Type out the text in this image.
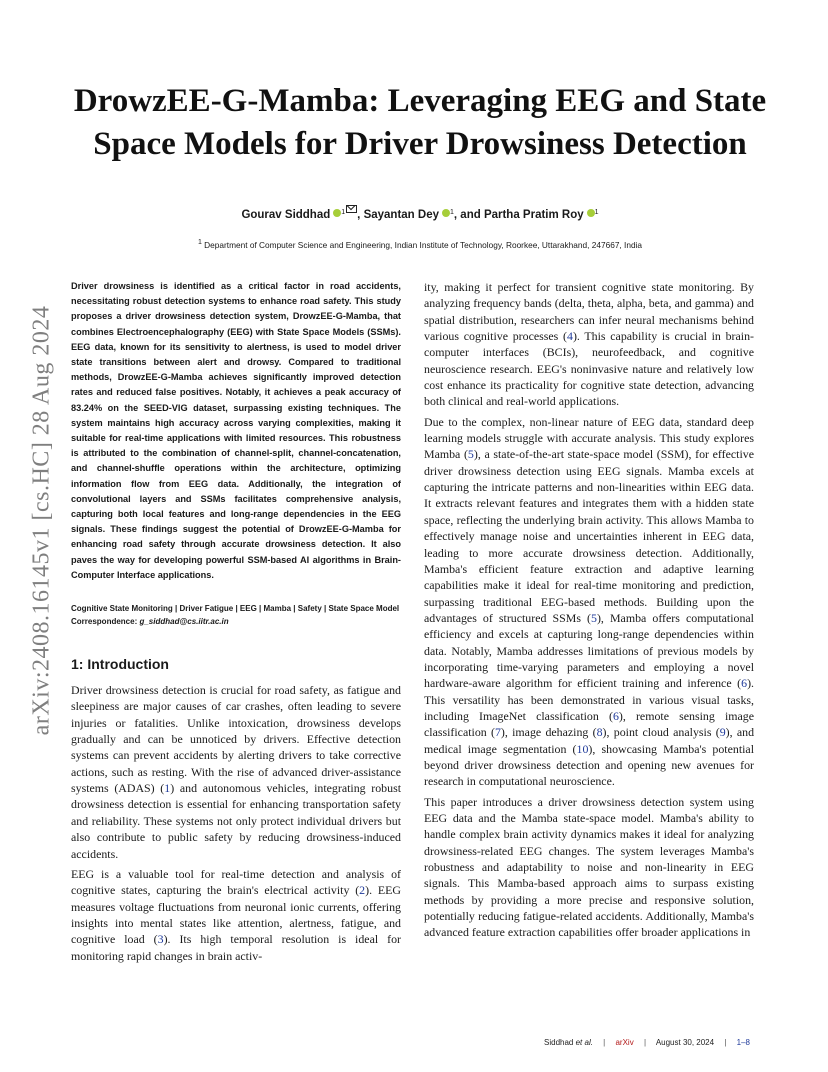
arXiv:2408.16145v1 [cs.HC] 28 Aug 2024
DrowzEE-G-Mamba: Leveraging EEG and State Space Models for Driver Drowsiness Detection
Gourav Siddhad $^1$ , Sayantan Dey $^1$, and Partha Pratim Roy $^1$
$^1$ Department of Computer Science and Engineering, Indian Institute of Technology, Roorkee, Uttarakhand, 247667, India

Driver drowsiness is identified as a critical factor in road accidents, necessitating robust detection systems to enhance road safety. This study proposes a driver drowsiness detection system, DrowzEE-G-Mamba, that combines Electroencephalography (EEG) with State Space Models (SSMs). EEG data, known for its sensitivity to alertness, is used to model driver state transitions between alert and drowsy. Compared to traditional methods, DrowzEE-G-Mamba achieves significantly improved detection rates and reduced false positives. Notably, it achieves a peak accuracy of 83.24% on the SEED-VIG dataset, surpassing existing techniques. The system maintains high accuracy across varying complexities, making it suitable for real-time applications with limited resources. This robustness is attributed to the combination of channel-split, channel-concatenation, and channel-shuffle operations within the architecture, optimizing information flow from EEG data. Additionally, the integration of convolutional layers and SSMs facilitates comprehensive analysis, capturing both local features and long-range dependencies in the EEG signals. These findings suggest the potential of DrowzEE-G-Mamba for enhancing road safety through accurate drowsiness detection. It also paves the way for developing powerful SSM-based AI algorithms in Brain-Computer Interface applications.

Cognitive State Monitoring | Driver Fatigue | EEG | Mamba | Safety | State Space Model

Correspondence: g_siddhad@cs.iitr.ac.in

1: Introduction

Driver drowsiness detection is crucial for road safety, as fatigue and sleepiness are major causes of car crashes, often leading to severe injuries or fatalities. Unlike intoxication, drowsiness develops gradually and can be unnoticed by drivers. Effective detection systems can prevent accidents by alerting drivers to take corrective actions, such as resting. With the rise of advanced driver-assistance systems (ADAS) (1) and autonomous vehicles, integrating robust drowsiness detection is essential for enhancing transportation safety and reliability. These systems not only protect individual drivers but also contribute to public safety by reducing drowsiness-induced accidents.

EEG is a valuable tool for real-time detection and analysis of cognitive states, capturing the brain's electrical activity (2). EEG measures voltage fluctuations from neuronal ionic currents, offering insights into mental states like attention, alertness, fatigue, and cognitive load (3). Its high temporal resolution is ideal for monitoring rapid changes in brain activ-

ity, making it perfect for transient cognitive state monitoring. By analyzing frequency bands (delta, theta, alpha, beta, and gamma) and spatial distribution, researchers can infer neural mechanisms behind various cognitive processes (4). This capability is crucial in brain-computer interfaces (BCIs), neurofeedback, and cognitive neuroscience research. EEG's noninvasive nature and relatively low cost enhance its practicality for cognitive state detection, advancing both clinical and real-world applications.

Due to the complex, non-linear nature of EEG data, standard deep learning models struggle with accurate analysis. This study explores Mamba (5), a state-of-the-art state-space model (SSM), for effective driver drowsiness detection using EEG signals. Mamba excels at capturing the intricate patterns and non-linearities within EEG data. It extracts relevant features and integrates them with a hidden state space, reflecting the underlying brain activity. This allows Mamba to effectively manage noise and uncertainties inherent in EEG data, leading to more accurate drowsiness detection. Additionally, Mamba's efficient feature extraction and adaptive learning capabilities make it ideal for real-time monitoring and prediction, surpassing traditional EEG-based methods. Building upon the advantages of structured SSMs (5), Mamba offers computational efficiency and excels at capturing long-range dependencies within data. Notably, Mamba addresses limitations of previous models by incorporating time-varying parameters and employing a novel hardware-aware algorithm for efficient training and inference (6). This versatility has been demonstrated in various visual tasks, including ImageNet classification (6), remote sensing image classification (7), image dehazing (8), point cloud analysis (9), and medical image segmentation (10), showcasing Mamba's potential beyond driver drowsiness detection and opening new avenues for research in computational neuroscience.

This paper introduces a driver drowsiness detection system using EEG data and the Mamba state-space model. Mamba's ability to handle complex brain activity dynamics makes it ideal for analyzing drowsiness-related EEG changes. The system leverages Mamba's robustness and adaptability to noise and non-linearity in EEG signals. This Mamba-based approach aims to surpass existing methods by providing a more precise and responsive solution, potentially reducing fatigue-related accidents. Additionally, Mamba's advanced feature extraction capabilities offer broader applications in

Siddhad et al. | arXiv | August 30, 2024 | 1–8
